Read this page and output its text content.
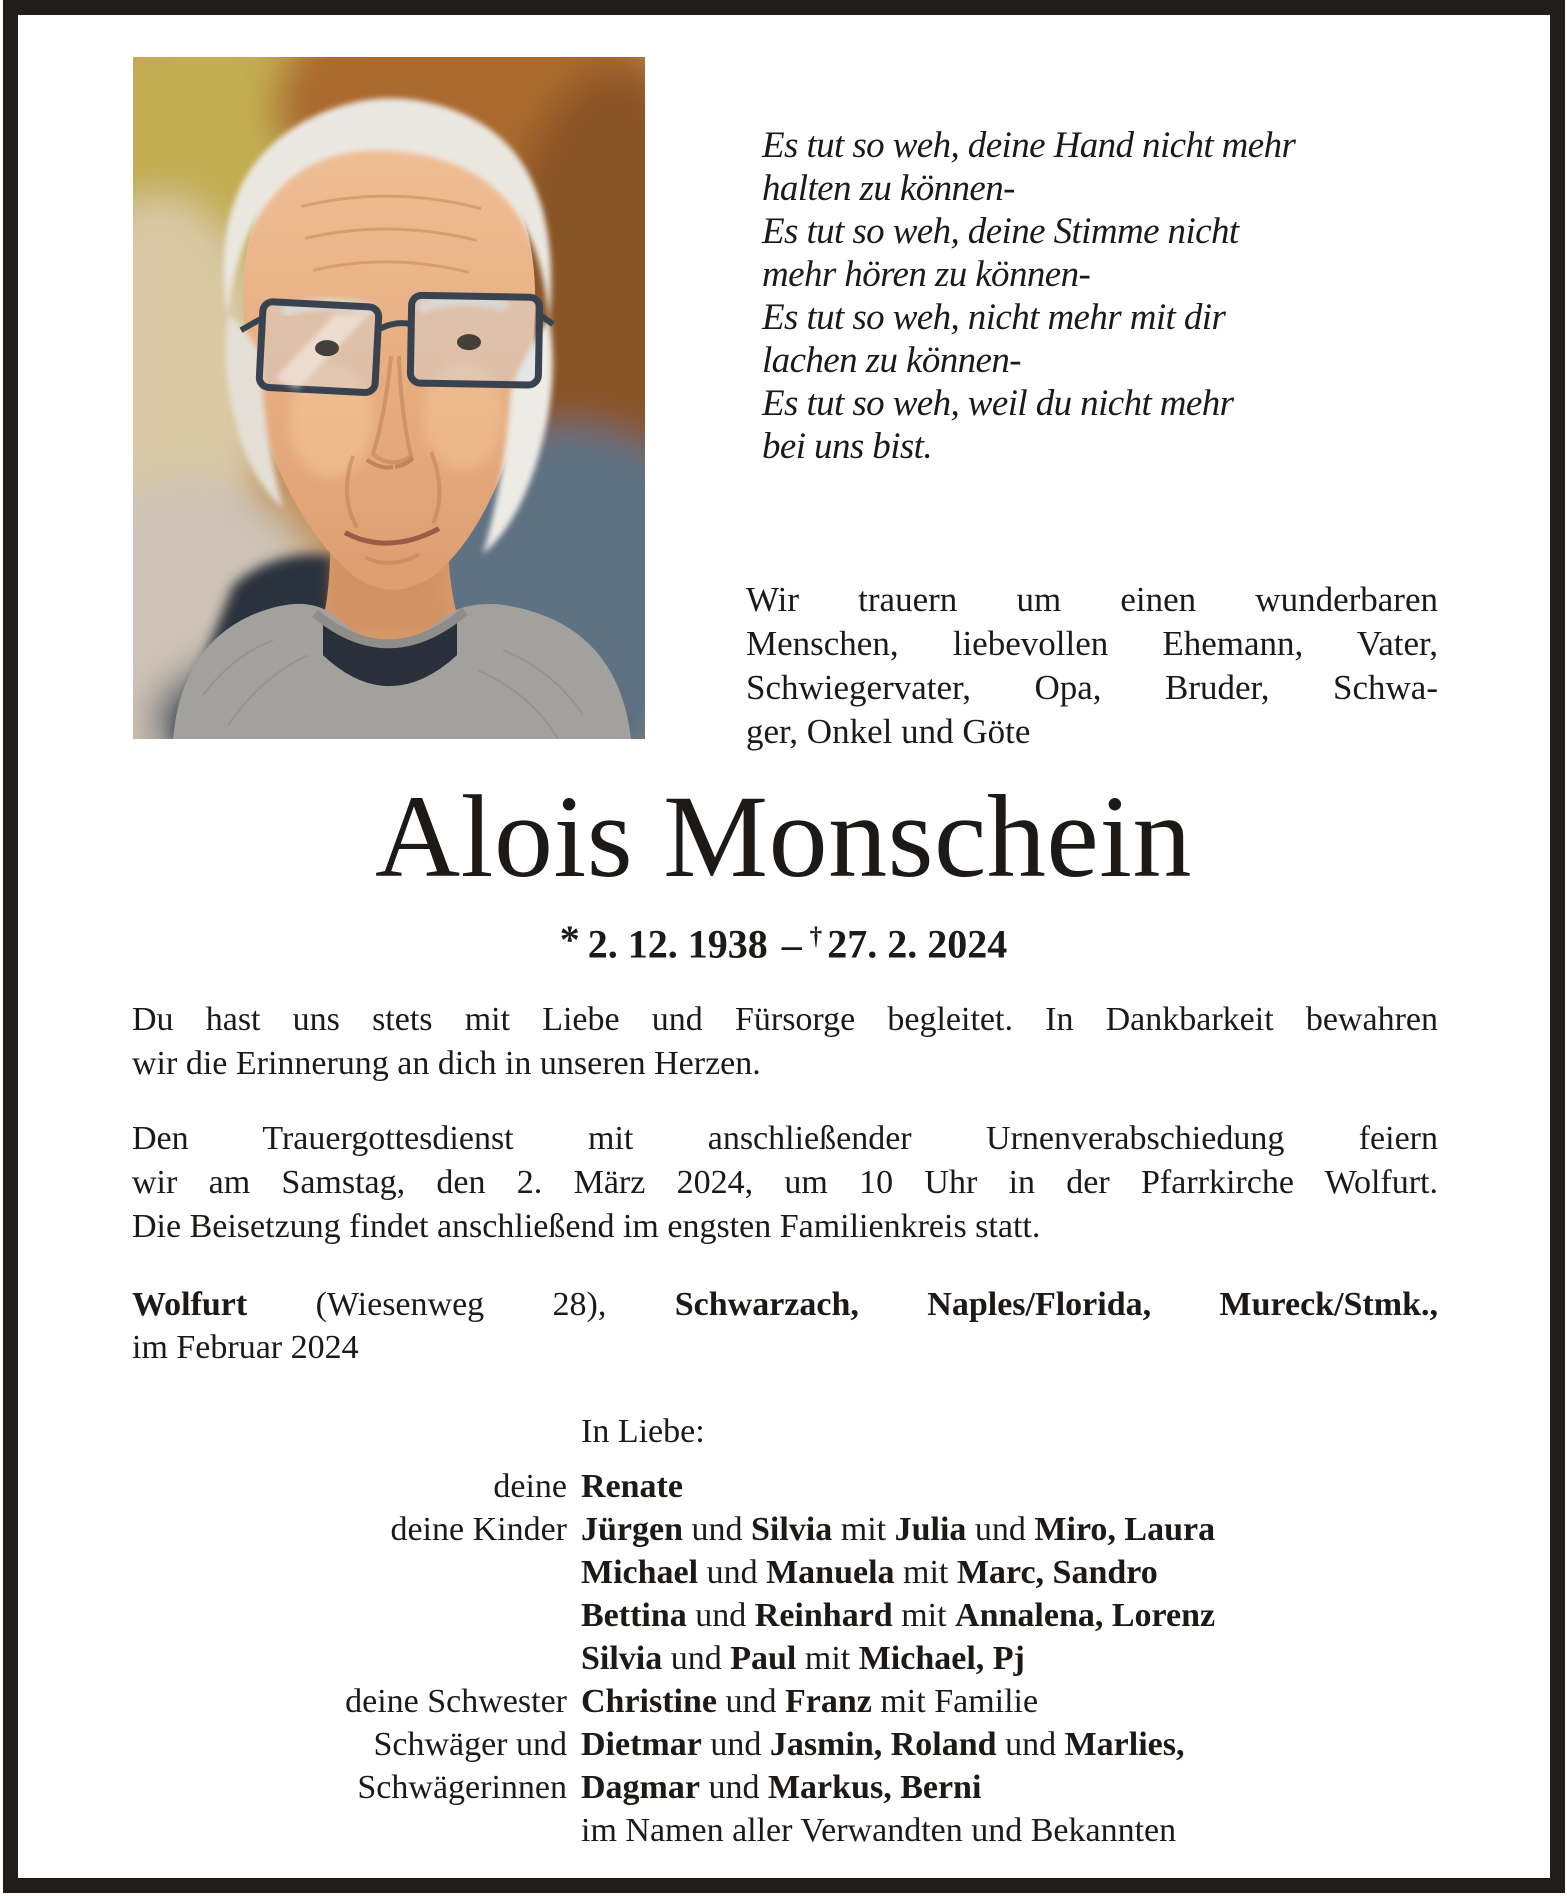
Es tut so weh, deine Hand nicht mehr
halten zu können-
Es tut so weh, deine Stimme nicht
mehr hören zu können-
Es tut so weh, nicht mehr mit dir
lachen zu können-
Es tut so weh, weil du nicht mehr
bei uns bist.
Wir trauern um einen wunderbaren
Menschen, liebevollen Ehemann, Vater,
Schwiegervater, Opa, Bruder, Schwa-
ger, Onkel und Göte
Alois Monschein
* 2. 12. 1938 – † 27. 2. 2024
Du hast uns stets mit Liebe und Fürsorge begleitet. In Dankbarkeit bewahren
wir die Erinnerung an dich in unseren Herzen.
Den Trauergottesdienst mit anschließender Urnenverabschiedung feiern
wir am Samstag, den 2. März 2024, um 10 Uhr in der Pfarrkirche Wolfurt.
Die Beisetzung findet anschließend im engsten Familienkreis statt.
Wolfurt (Wiesenweg 28), Schwarzach, Naples/Florida, Mureck/Stmk.,
im Februar 2024
In Liebe:
deine Renate
deine Kinder Jürgen und Silvia mit Julia und Miro, Laura
Michael und Manuela mit Marc, Sandro
Bettina und Reinhard mit Annalena, Lorenz
Silvia und Paul mit Michael, Pj
deine Schwester Christine und Franz mit Familie
Schwäger und Dietmar und Jasmin, Roland und Marlies,
Schwägerinnen Dagmar und Markus, Berni
im Namen aller Verwandten und Bekannten
